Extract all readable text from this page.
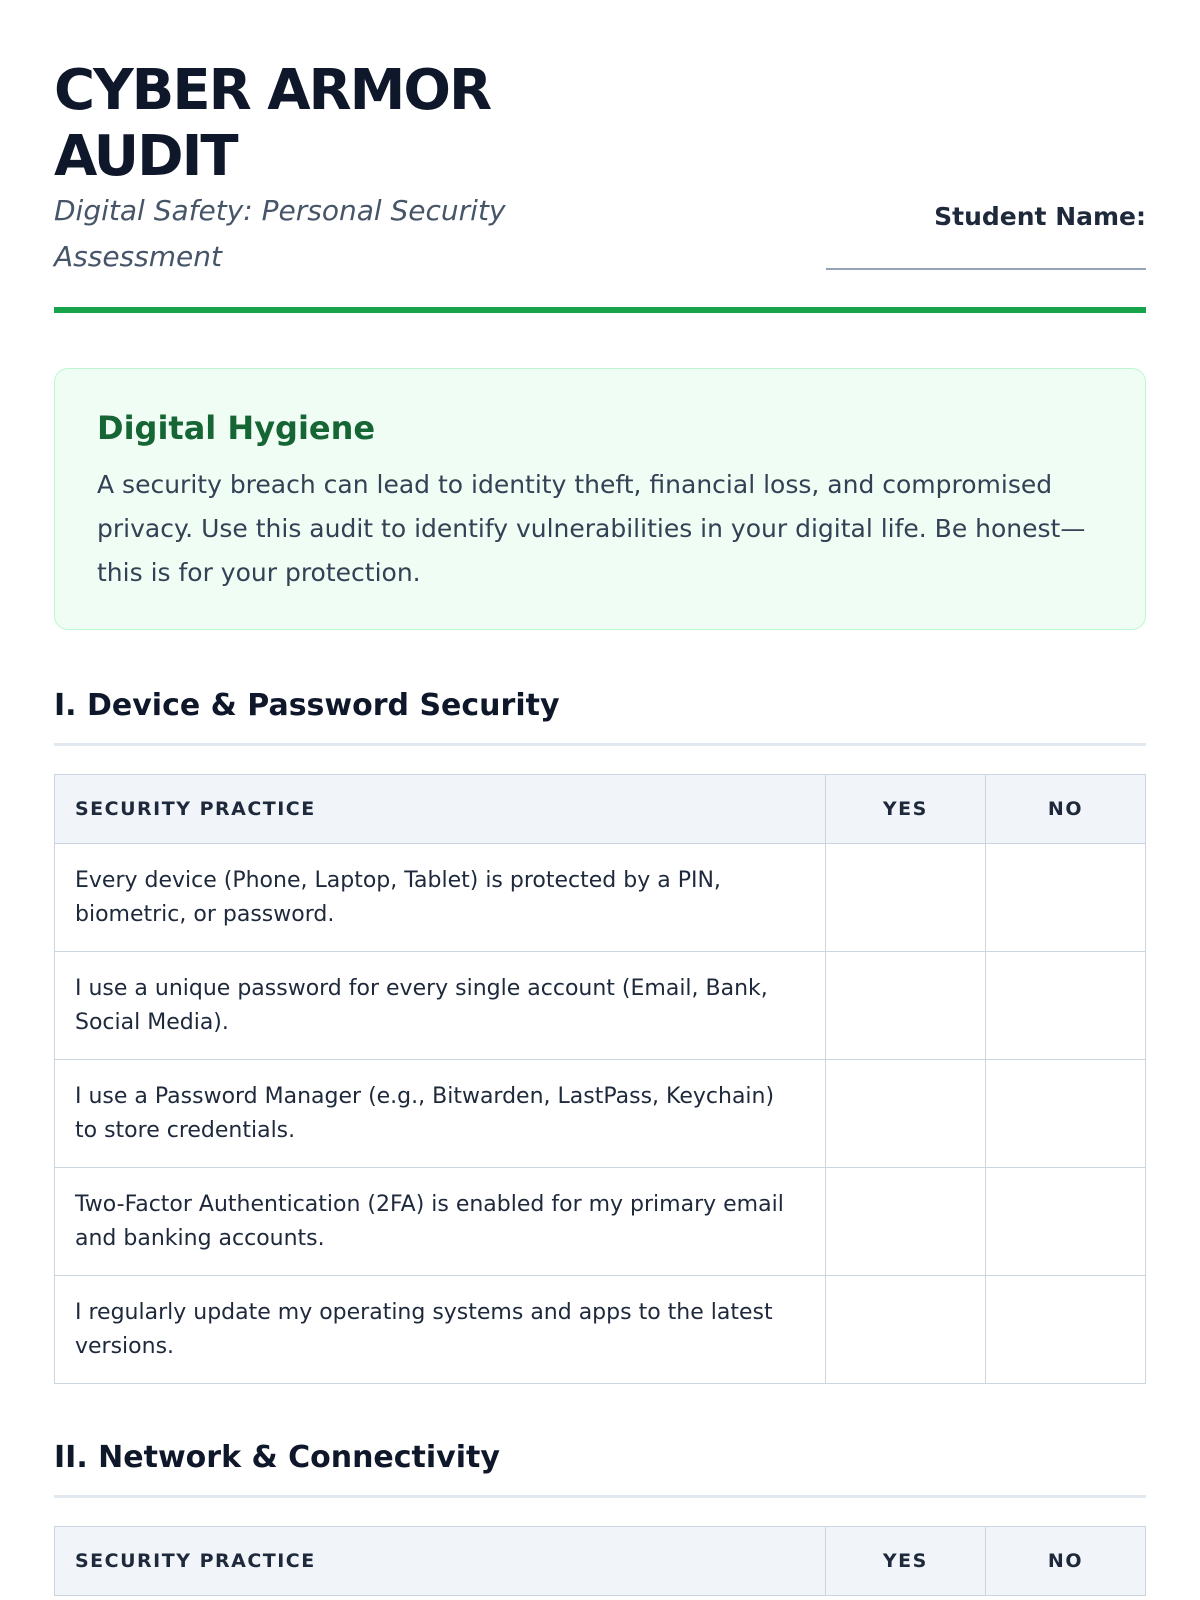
CYBER ARMOR
AUDIT
Digital Safety: Personal Security Assessment
Student Name:
Digital Hygiene

A security breach can lead to identity theft, financial loss, and compromised privacy. Use this audit to identify vulnerabilities in your digital life. Be honest—this is for your protection.

I. Device & Password Security
SECURITY PRACTICE	YES	NO
Every device (Phone, Laptop, Tablet) is protected by a PIN, biometric, or password.		
I use a unique password for every single account (Email, Bank, Social Media).		
I use a Password Manager (e.g., Bitwarden, LastPass, Keychain) to store credentials.		
Two-Factor Authentication (2FA) is enabled for my primary email and banking accounts.		
I regularly update my operating systems and apps to the latest versions.		
II. Network & Connectivity
SECURITY PRACTICE	YES	NO
